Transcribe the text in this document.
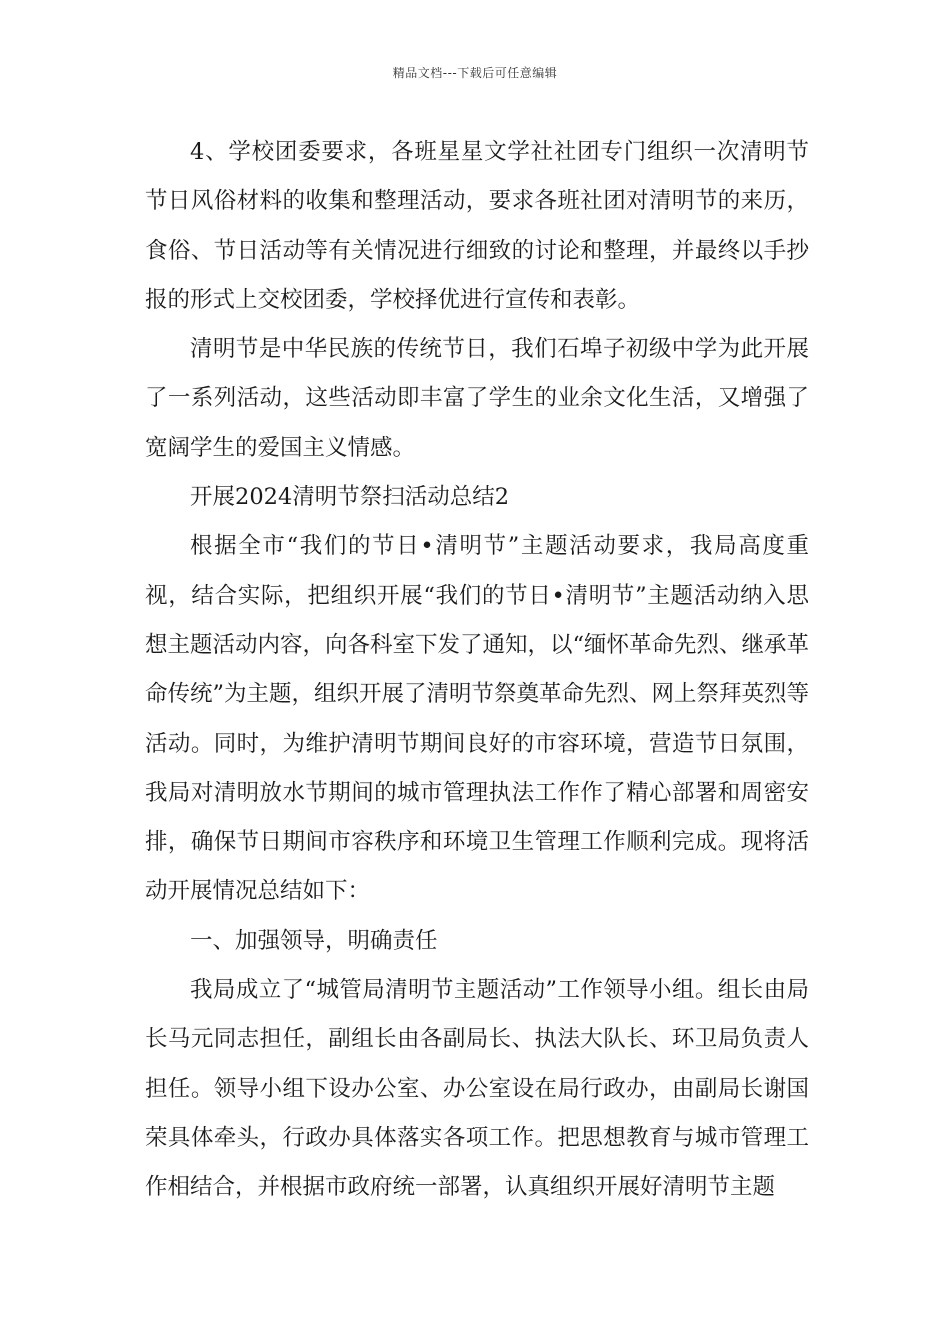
精品文档---下载后可任意编辑

4、学校团委要求，各班星星文学社社团专门组织一次清明节节日风俗材料的收集和整理活动，要求各班社团对清明节的来历，食俗、节日活动等有关情况进行细致的讨论和整理，并最终以手抄报的形式上交校团委，学校择优进行宣传和表彰。

清明节是中华民族的传统节日，我们石埠子初级中学为此开展了一系列活动，这些活动即丰富了学生的业余文化生活，又增强了宽阔学生的爱国主义情感。

开展2024清明节祭扫活动总结2

根据全市“我们的节日•清明节”主题活动要求，我局高度重视，结合实际，把组织开展“我们的节日•清明节”主题活动纳入思想主题活动内容，向各科室下发了通知，以“缅怀革命先烈、继承革命传统”为主题，组织开展了清明节祭奠革命先烈、网上祭拜英烈等活动。同时，为维护清明节期间良好的市容环境，营造节日氛围，我局对清明放水节期间的城市管理执法工作作了精心部署和周密安排，确保节日期间市容秩序和环境卫生管理工作顺利完成。现将活动开展情况总结如下：

一、加强领导，明确责任

我局成立了“城管局清明节主题活动”工作领导小组。组长由局长马元同志担任，副组长由各副局长、执法大队长、环卫局负责人担任。领导小组下设办公室、办公室设在局行政办，由副局长谢国荣具体牵头，行政办具体落实各项工作。把思想教育与城市管理工作相结合，并根据市政府统一部署，认真组织开展好清明节主题
